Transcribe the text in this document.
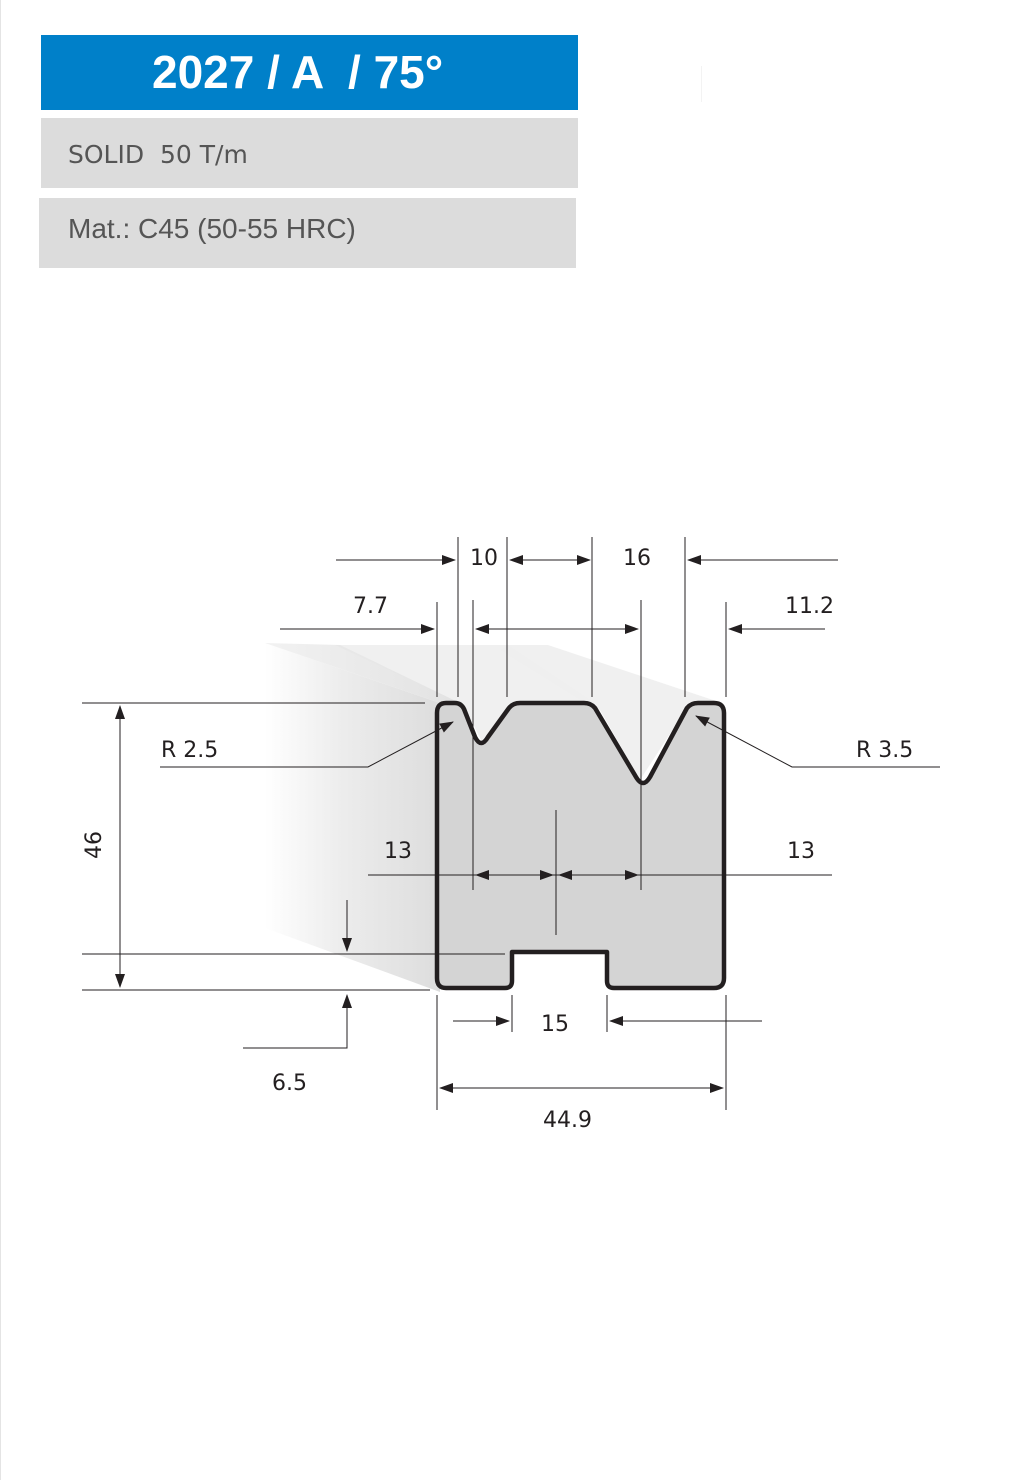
2027 / A  / 75°
SOLID  50 T/m
Mat.: C45 (50-55 HRC)
10	16
7.7	11.2
R 2.5	R 3.5
46	13	13
15
6.5
44.9
